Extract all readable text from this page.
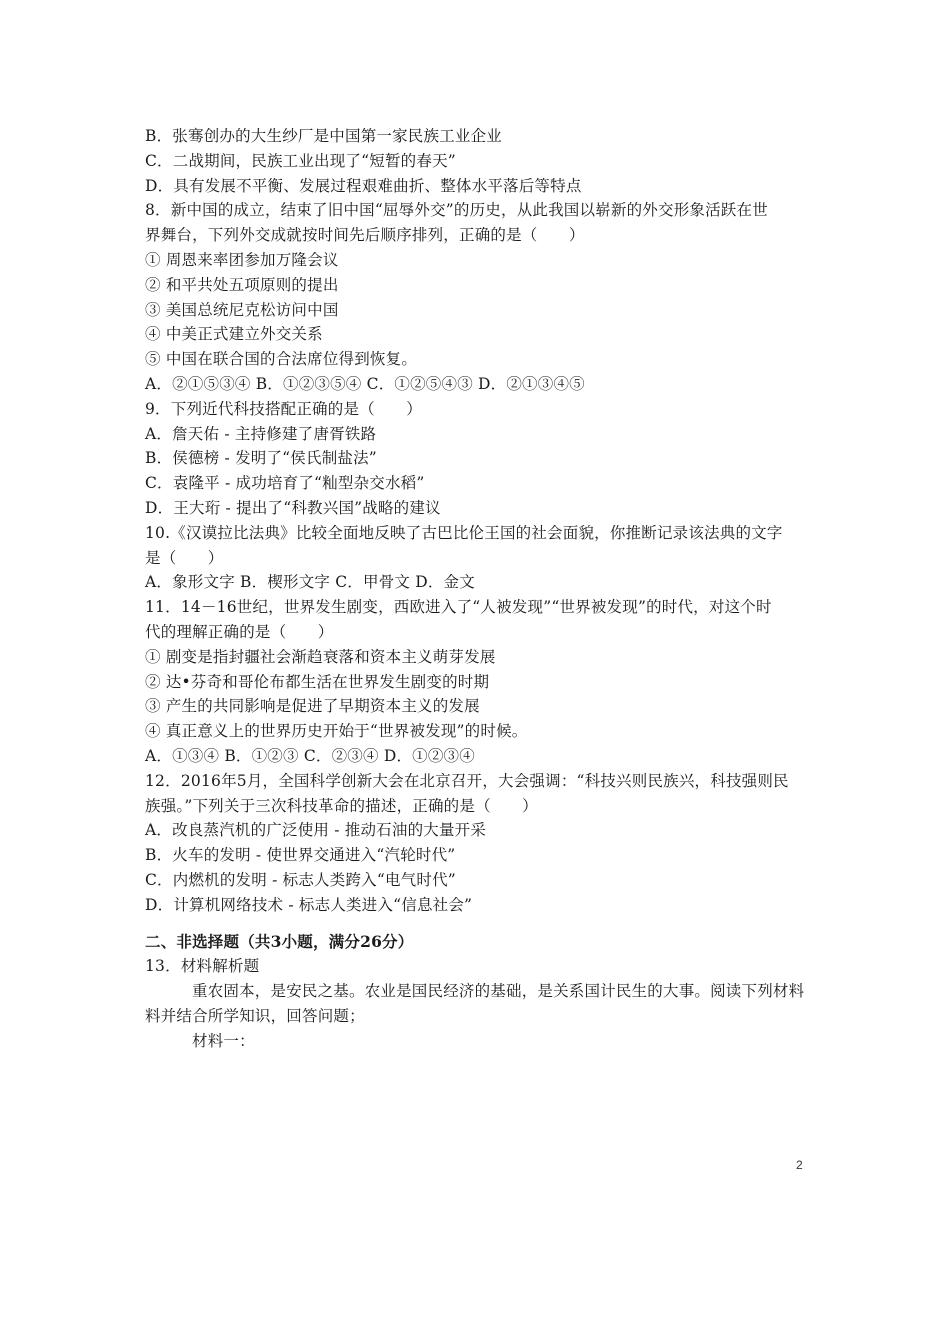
B．张骞创办的大生纱厂是中国第一家民族工业企业
C．二战期间，民族工业出现了“短暂的春天”
D．具有发展不平衡、发展过程艰难曲折、整体水平落后等特点
8．新中国的成立，结束了旧中国“屈辱外交”的历史，从此我国以崭新的外交形象活跃在世
界舞台，下列外交成就按时间先后顺序排列，正确的是（　　）
① 周恩来率团参加万隆会议
② 和平共处五项原则的提出
③ 美国总统尼克松访问中国
④ 中美正式建立外交关系
⑤ 中国在联合国的合法席位得到恢复。
A．②①⑤③④ B．①②③⑤④ C．①②⑤④③ D．②①③④⑤
9．下列近代科技搭配正确的是（　　）
A．詹天佑 - 主持修建了唐胥铁路
B．侯德榜 - 发明了“侯氏制盐法”
C．袁隆平 - 成功培育了“籼型杂交水稻”
D．王大珩 - 提出了“科教兴国”战略的建议
10.《汉谟拉比法典》比较全面地反映了古巴比伦王国的社会面貌，你推断记录该法典的文字
是（　　）
A．象形文字 B．楔形文字 C．甲骨文 D．金文
11．14－16世纪，世界发生剧变，西欧进入了“人被发现”“世界被发现”的时代，对这个时
代的理解正确的是（　　）
① 剧变是指封疆社会渐趋衰落和资本主义萌芽发展
② 达•芬奇和哥伦布都生活在世界发生剧变的时期
③ 产生的共同影响是促进了早期资本主义的发展
④ 真正意义上的世界历史开始于“世界被发现”的时候。
A．①③④ B．①②③ C．②③④ D．①②③④
12．2016年5月，全国科学创新大会在北京召开，大会强调：“科技兴则民族兴，科技强则民
族强。”下列关于三次科技革命的描述，正确的是（　　）
A．改良蒸汽机的广泛使用 - 推动石油的大量开采
B．火车的发明 - 使世界交通进入“汽轮时代”
C．内燃机的发明 - 标志人类跨入“电气时代”
D．计算机网络技术 - 标志人类进入“信息社会”
二、非选择题（共3小题，满分26分）
13．材料解析题
重农固本，是安民之基。农业是国民经济的基础，是关系国计民生的大事。阅读下列材料
料并结合所学知识，回答问题；
材料一：
2
